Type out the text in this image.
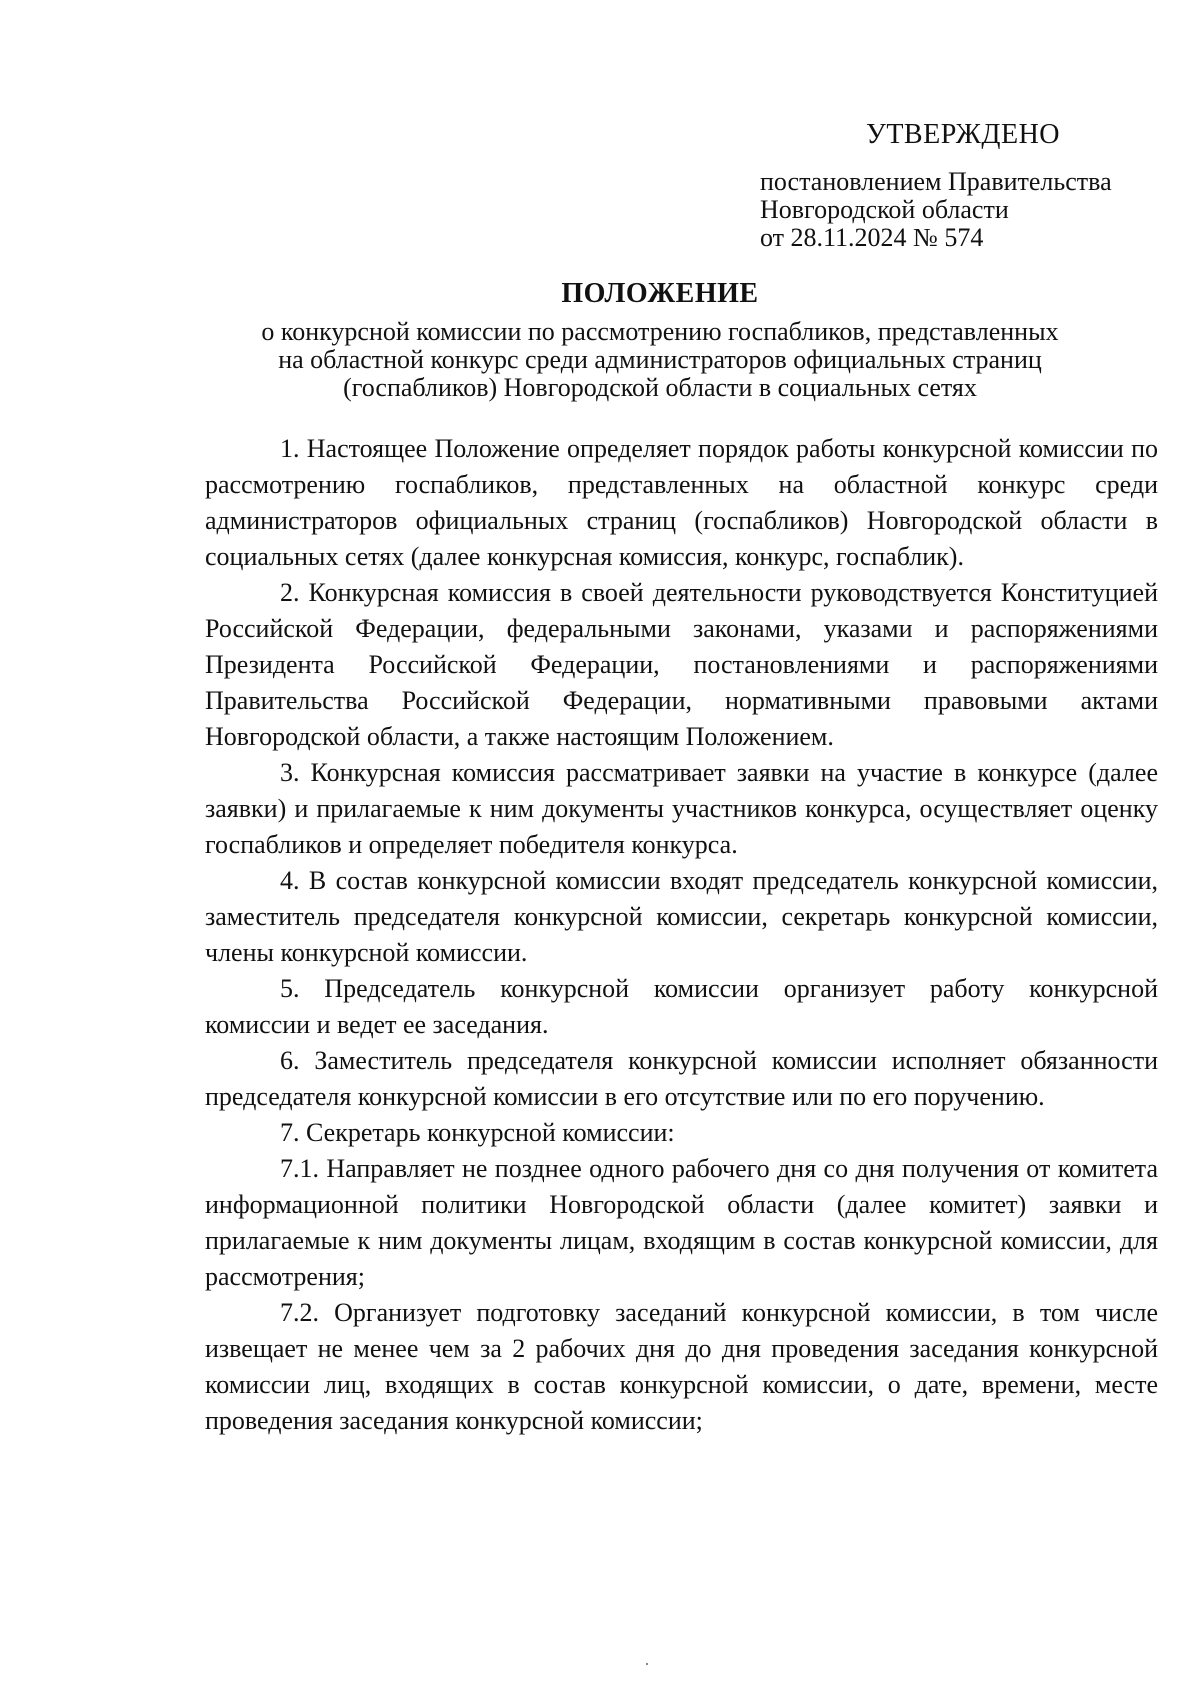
УТВЕРЖДЕНО
постановлением Правительства
Новгородской области
от 28.11.2024 № 574
ПОЛОЖЕНИЕ
о конкурсной комиссии по рассмотрению госпабликов, представленных
на областной конкурс среди администраторов официальных страниц
(госпабликов) Новгородской области в социальных сетях

1. Настоящее Положение определяет порядок работы конкурсной комиссии по рассмотрению госпабликов, представленных на областной конкурс среди администраторов официальных страниц (госпабликов) Новгородской области в социальных сетях (далее конкурсная комиссия, конкурс, госпаблик).

2. Конкурсная комиссия в своей деятельности руководствуется Конституцией Российской Федерации, федеральными законами, указами и распоряжениями Президента Российской Федерации, постановлениями и распоряжениями Правительства Российской Федерации, нормативными правовыми актами Новгородской области, а также настоящим Положением.

3. Конкурсная комиссия рассматривает заявки на участие в конкурсе (далее заявки) и прилагаемые к ним документы участников конкурса, осуществляет оценку госпабликов и определяет победителя конкурса.

4. В состав конкурсной комиссии входят председатель конкурсной комиссии, заместитель председателя конкурсной комиссии, секретарь конкурсной комиссии, члены конкурсной комиссии.

5. Председатель конкурсной комиссии организует работу конкурсной комиссии и ведет ее заседания.

6. Заместитель председателя конкурсной комиссии исполняет обязанности председателя конкурсной комиссии в его отсутствие или по его поручению.

7. Секретарь конкурсной комиссии:

7.1. Направляет не позднее одного рабочего дня со дня получения от комитета информационной политики Новгородской области (далее комитет) заявки и прилагаемые к ним документы лицам, входящим в состав конкурсной комиссии, для рассмотрения;

7.2. Организует подготовку заседаний конкурсной комиссии, в том числе извещает не менее чем за 2 рабочих дня до дня проведения заседания конкурсной комиссии лиц, входящих в состав конкурсной комиссии, о дате, времени, месте проведения заседания конкурсной комиссии;
